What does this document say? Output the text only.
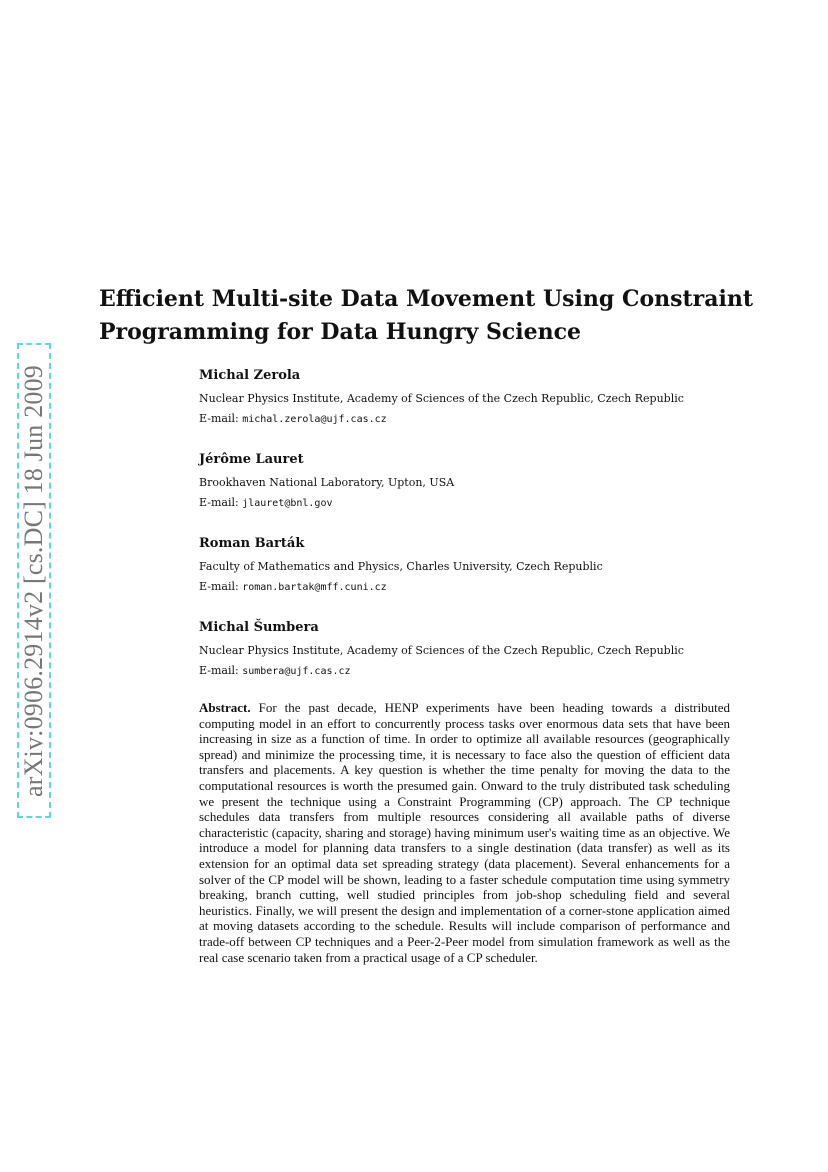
arXiv:0906.2914v2 [cs.DC] 18 Jun 2009
Efficient Multi-site Data Movement Using Constraint Programming for Data Hungry Science
Michal Zerola
Nuclear Physics Institute, Academy of Sciences of the Czech Republic, Czech Republic
E-mail: michal.zerola@ujf.cas.cz
Jérôme Lauret
Brookhaven National Laboratory, Upton, USA
E-mail: jlauret@bnl.gov
Roman Barták
Faculty of Mathematics and Physics, Charles University, Czech Republic
E-mail: roman.bartak@mff.cuni.cz
Michal Šumbera
Nuclear Physics Institute, Academy of Sciences of the Czech Republic, Czech Republic
E-mail: sumbera@ujf.cas.cz

Abstract. For the past decade, HENP experiments have been heading towards a distributed computing model in an effort to concurrently process tasks over enormous data sets that have been increasing in size as a function of time. In order to optimize all available resources (geographically spread) and minimize the processing time, it is necessary to face also the question of efficient data transfers and placements. A key question is whether the time penalty for moving the data to the computational resources is worth the presumed gain. Onward to the truly distributed task scheduling we present the technique using a Constraint Programming (CP) approach. The CP technique schedules data transfers from multiple resources considering all available paths of diverse characteristic (capacity, sharing and storage) having minimum user's waiting time as an objective. We introduce a model for planning data transfers to a single destination (data transfer) as well as its extension for an optimal data set spreading strategy (data placement). Several enhancements for a solver of the CP model will be shown, leading to a faster schedule computation time using symmetry breaking, branch cutting, well studied principles from job-shop scheduling field and several heuristics. Finally, we will present the design and implementation of a corner-stone application aimed at moving datasets according to the schedule. Results will include comparison of performance and trade-off between CP techniques and a Peer-2-Peer model from simulation framework as well as the real case scenario taken from a practical usage of a CP scheduler.
